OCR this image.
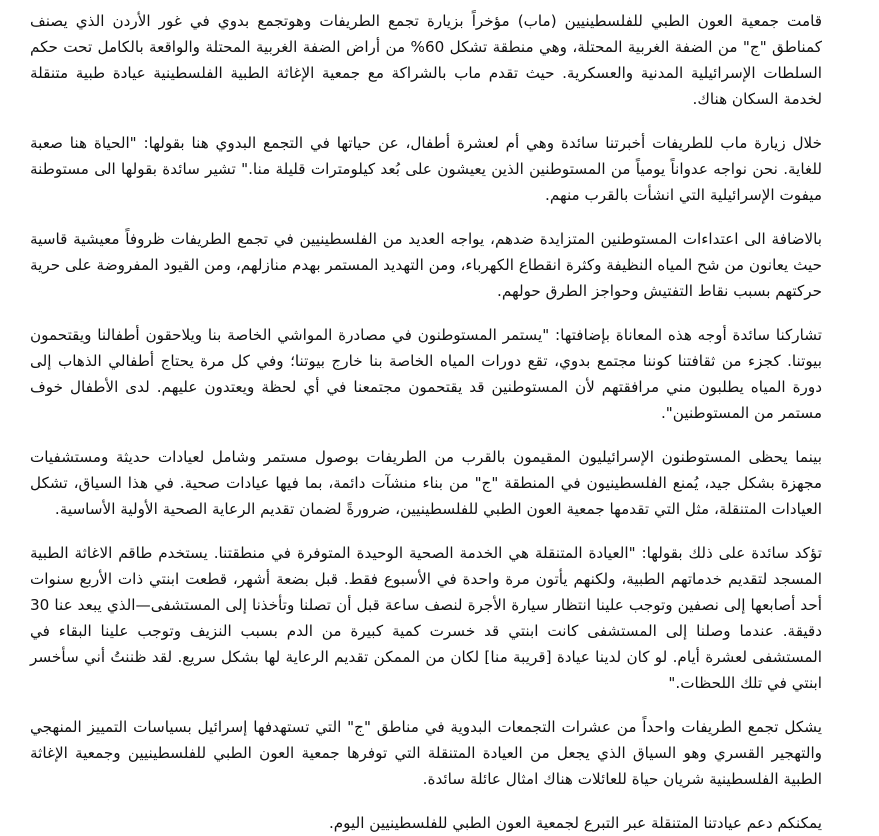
قامت جمعية العون الطبي للفلسطينيين (ماب) مؤخراً بزيارة تجمع الطريفات وهوتجمع بدوي في غور الأردن الذي يصنف كمناطق "ج" من الضفة الغربية المحتلة، وهي منطقة تشكل 60% من أراض الضفة الغربية المحتلة والواقعة بالكامل تحت حكم السلطات الإسرائيلية المدنية والعسكرية. حيث تقدم ماب بالشراكة مع جمعية الإغاثة الطبية الفلسطينية عيادة طبية متنقلة لخدمة السكان هناك.

خلال زيارة ماب للطريفات أخبرتنا سائدة وهي أم لعشرة أطفال، عن حياتها في التجمع البدوي هنا بقولها: "الحياة هنا صعبة للغاية. نحن نواجه عدواناً يومياً من المستوطنين الذين يعيشون على بُعد كيلومترات قليلة منا." تشير سائدة بقولها الى مستوطنة ميفوت الإسرائيلية التي انشأت بالقرب منهم.

بالاضافة الى اعتداءات المستوطنين المتزايدة ضدهم، يواجه العديد من الفلسطينيين في تجمع الطريفات ظروفاً معيشية قاسية حيث يعانون من شح المياه النظيفة وكثرة انقطاع الكهرباء، ومن التهديد المستمر بهدم منازلهم، ومن القيود المفروضة على حرية حركتهم بسبب نقاط التفتيش وحواجز الطرق حولهم.

تشاركنا سائدة أوجه هذه المعاناة بإضافتها: "يستمر المستوطنون في مصادرة المواشي الخاصة بنا ويلاحقون أطفالنا ويقتحمون بيوتنا. كجزء من ثقافتنا كوننا مجتمع بدوي، تقع دورات المياه الخاصة بنا خارج بيوتنا؛ وفي كل مرة يحتاج أطفالي الذهاب إلى دورة المياه يطلبون مني مرافقتهم لأن المستوطنين قد يقتحمون مجتمعنا في أي لحظة ويعتدون عليهم. لدى الأطفال خوف مستمر من المستوطنين".

بينما يحظى المستوطنون الإسرائيليون المقيمون بالقرب من الطريفات بوصول مستمر وشامل لعيادات حديثة ومستشفيات مجهزة بشكل جيد، يُمنع الفلسطينيون في المنطقة "ج" من بناء منشآت دائمة، بما فيها عيادات صحية. في هذا السياق، تشكل العيادات المتنقلة، مثل التي تقدمها جمعية العون الطبي للفلسطينيين، ضرورةً لضمان تقديم الرعاية الصحية الأولية الأساسية.

تؤكد سائدة على ذلك بقولها: "العيادة المتنقلة هي الخدمة الصحية الوحيدة المتوفرة في منطقتنا. يستخدم طاقم الاغاثة الطبية المسجد لتقديم خدماتهم الطبية، ولكنهم يأتون مرة واحدة في الأسبوع فقط. قبل بضعة أشهر، قطعت ابنتي ذات الأربع سنوات أحد أصابعها إلى نصفين وتوجب علينا انتظار سيارة الأجرة لنصف ساعة قبل أن تصلنا وتأخذنا إلى المستشفى—الذي يبعد عنا 30 دقيقة. عندما وصلنا إلى المستشفى كانت ابنتي قد خسرت كمية كبيرة من الدم بسبب النزيف وتوجب علينا البقاء في المستشفى لعشرة أيام. لو كان لدينا عيادة [قريبة منا] لكان من الممكن تقديم الرعاية لها بشكل سريع. لقد ظننتُ أني سأخسر ابنتي في تلك اللحظات."

يشكل تجمع الطريفات واحداً من عشرات التجمعات البدوية في مناطق "ج" التي تستهدفها إسرائيل بسياسات التمييز المنهجي والتهجير القسري وهو السياق الذي يجعل من العيادة المتنقلة التي توفرها جمعية العون الطبي للفلسطينيين وجمعية الإغاثة الطبية الفلسطينية شريان حياة للعائلات هناك امثال عائلة سائدة.

يمكنكم دعم عيادتنا المتنقلة عبر التبرع لجمعية العون الطبي للفلسطينيين اليوم.
